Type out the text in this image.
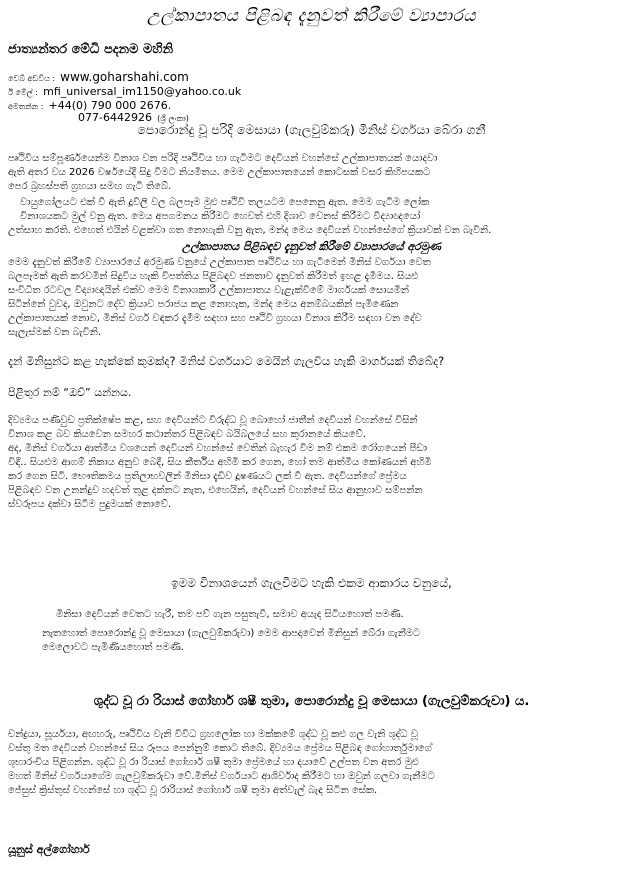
උල්කාපාතය පිළිබඳ දැනුවත් කිරීමේ ව්‍යාපාරය
ජාත්‍යන්තර මේධි පදනම මහිනි
වෙබ් අඩවිය : www.goharshahi.com
ඊ මේල් : mfi_universal_im1150@yahoo.co.uk
අමතන්න : +44(0) 790 000 2676.
077-6442926 (ශ්‍රී ලංකා)
පොරොන්දු වූ පරිදි මෙසායා (ගැලවුම්කරු) මිනිස් වර්ගයා බේරා ගනී
පෘථිවිය සම්පූර්ණයෙන්ම විනාශ වන පරිදි පෘථිවිය හා ගැටීමට දෙවියන් වහන්සේ උල්කාපාතයක් යොදවා
ඇති අතර වය 2026 වර්ෂයේදී සිදු වීමට නියමිතය. මෙම උල්කාපාතයෙන් කොටසක් වසර කිහිපයකට
පෙර බ්‍රහස්පති ග්‍රහයා සමඟ ගැටී තිබේ.
වායුගෝලයට එක් වී ඇති දූවිලි වල බලපෑම මුළු පෘථිවි තලයටම පෙනෙනු ඇත. මෙම ගැටීම ලෝක
විනාශයකට මුල් වනු ඇත. මෙය අපගමනය කිරීමට හෙවත් එහි දිශාව වෙනස් කිරීමට විද්‍යාඥයෝ
උත්සාහ කරති. එහෙත් එයින් වළක්වා ගත නොහැකි වනු ඇත, මන්ද මෙය දෙවියන් වහන්සේගේ ක්‍රියාවක් වන බැවිනි.
උල්කාපාතය පිළිබඳව දැනුවත් කිරීමේ ව්‍යාපාරයේ අරමුණ
මෙම දැනුවත් කිරීමේ ව්‍යාපාරයේ අරමුණ වනුයේ උල්කාපාත පෘථිවිය හා ගැටීමෙන් මිනිස් වර්ගයා වෙත
බලපෑමක් ඇති කරවමින් සිදුවිය හැකි විපත්තිය පිළිබඳව ජනතාව දැනුවත් කිරීමත් ඉහළ දැමීමය. සියළු
සංවිධිත රටවල විද්‍යාඥයින් එක්ව මෙම විනාශකාරී උල්කාපාතය වැළැක්වීමේ මාර්ගයක් සොයමින්
සිටින්නේ වුවද, ඔවුනට දේව ක්‍රියාව පරාජය කළ නොහැක, මන්ද මෙය අනම්බයකින් පැමිණෙන
උල්කාපාතයක් නොව, මිනිස් වර්ග වඳකර දැමීම සඳහා සහ පෘථිවි ග්‍රහයා විනාශ කිරීම සඳහා වන දේව
සැලැස්මක් වන බැවිනි.
දැන් මිනිසුන්ට කළ හැක්කේ කුමක්ද? මිනිස් වර්ගයාට මෙයින් ගැලවිය හැකි මාර්ගයක් තිබේද?
පිළිතුර නම් “ඔව්” යන්නය.
දිව්‍යමය පණිවුඩ ප්‍රතික්ෂේප කළ, සහ දෙවියන්ට විරුද්ධ වූ බොහෝ ජාතීන් දෙවියන් වහන්සේ විසින්
විනාශ කළ බව කියවෙන සමහර කථාන්තර පිළිබඳව බයිබලයේ සහ කුරානයේ කියවේ.
අද, මිනිස් වර්ගයා ආත්මීය වශයෙන් දෙවියන් වහන්සේ වෙතින් බැහැර වීම නම් එකම රෝගයෙන් පීඩා
විඳී.. සියළුම ආගම් නිකාය අනුව බෙදී, සිය කීර්තිය අහිමි කර ගෙන, හෝ තම ආත්මීය කෝණයන් අහිමි
කර ගෙන සිටී. භෞතිකමය ප්‍රතිලාභවලින් මිනිසා දැඩිව දූෂණයට ලක් වී ඇත. දෙවියන්ගේ ප්‍රේමය
පිළිබඳව වන උනන්දුව හදවත් තුළ දක්නට නැත, එහෙයින්, දෙවියන් වහන්සේ සිය ආනුභාව සම්පන්න
ස්වරූපය දක්වා සිටීම පුදුමයක් නොවේ.
ඉමම විනාශයෙන් ගැලවීමට හැකි එකම ආකාරය වනුයේ,
මිනිසා දෙවියන් වෙතට හැරී, තම පව් ගැන පසුතැවී, සමාව අයැද සිටියහොත් පමණි.
නැතහොත් පොරොන්දු වූ මෙසායා (ගැලවුම්කරුවා) මෙම ආපදාවෙන් මිනිසුන් බේරා ගැනීමට
මෙලොවට පැමිණියහොත් පමණි.
ශුද්ධ වූ රා රියාස් ගෝහාර් ශෂී තුමා, පොරොන්දු වූ මෙසායා (ගැලවුම්කරුවා) ය.
චන්ද්‍රයා, සූර්යයා, අඟහරු, පෘථිවිය වැනි විවිධ ග්‍රහලෝක හා මක්කමේ ශුද්ධ වූ කළු ගල වැනි ශුද්ධ වූ
වස්තු මත දෙවියන් වහන්සේ සිය රූපය පෙන්නුම් කොට තිබේ. දිව්‍යමය ප්‍රේමය පිළිබඳ ගෝහාර්තුමාගේ
ශුභාරංචිය පිළිගන්න. ශුද්ධ වූ රා රියාස් ගෝහාර් ශෂී තුමා ප්‍රේමයේ හා දයාවේ උල්පත වන අතර මුළු
මහත් මිනිස් වර්ගයාගේම ගැලවුම්කරුවා වේ.මිනිස් වර්ගයාට ආශිර්වාද කිරීමට හා ඔවුන් ගලවා ගැනීමට
ජේසුස් ක්‍රිස්තුස් වහන්සේ හා ශුද්ධ වූ රාරියාස් ගෝහාර් ශෂී තුමා අත්වැල් බැඳ සිටින සේක.
යූනුස් අල්ගෝහාර්
